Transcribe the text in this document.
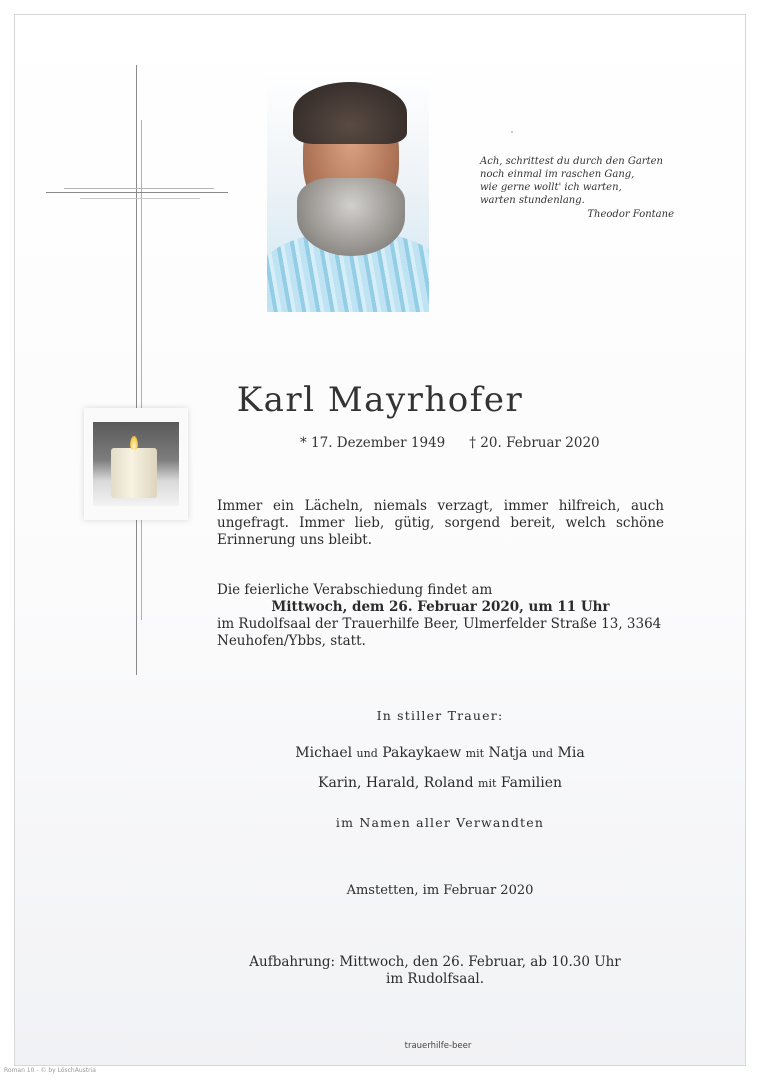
Ach, schrittest du durch den Garten
noch einmal im raschen Gang,
wie gerne wollt' ich warten,
warten stundenlang.
Theodor Fontane
Karl Mayrhofer
* 17. Dezember 1949 † 20. Februar 2020
Immer ein Lächeln, niemals verzagt, immer hilfreich, auch ungefragt. Immer lieb, gütig, sorgend bereit, welch schöne Erinnerung uns bleibt.
Die feierliche Verabschiedung findet am
Mittwoch, dem 26. Februar 2020, um 11 Uhr
im Rudolfsaal der Trauerhilfe Beer, Ulmerfelder Straße 13, 3364 Neuhofen/Ybbs, statt.
In stiller Trauer:
Michael und Pakaykaew mit Natja und Mia
Karin, Harald, Roland mit Familien
im Namen aller Verwandten
Amstetten, im Februar 2020
Aufbahrung: Mittwoch, den 26. Februar, ab 10.30 Uhr
im Rudolfsaal.
trauerhilfe-beer
Roman 10 - © by LöschAustria
